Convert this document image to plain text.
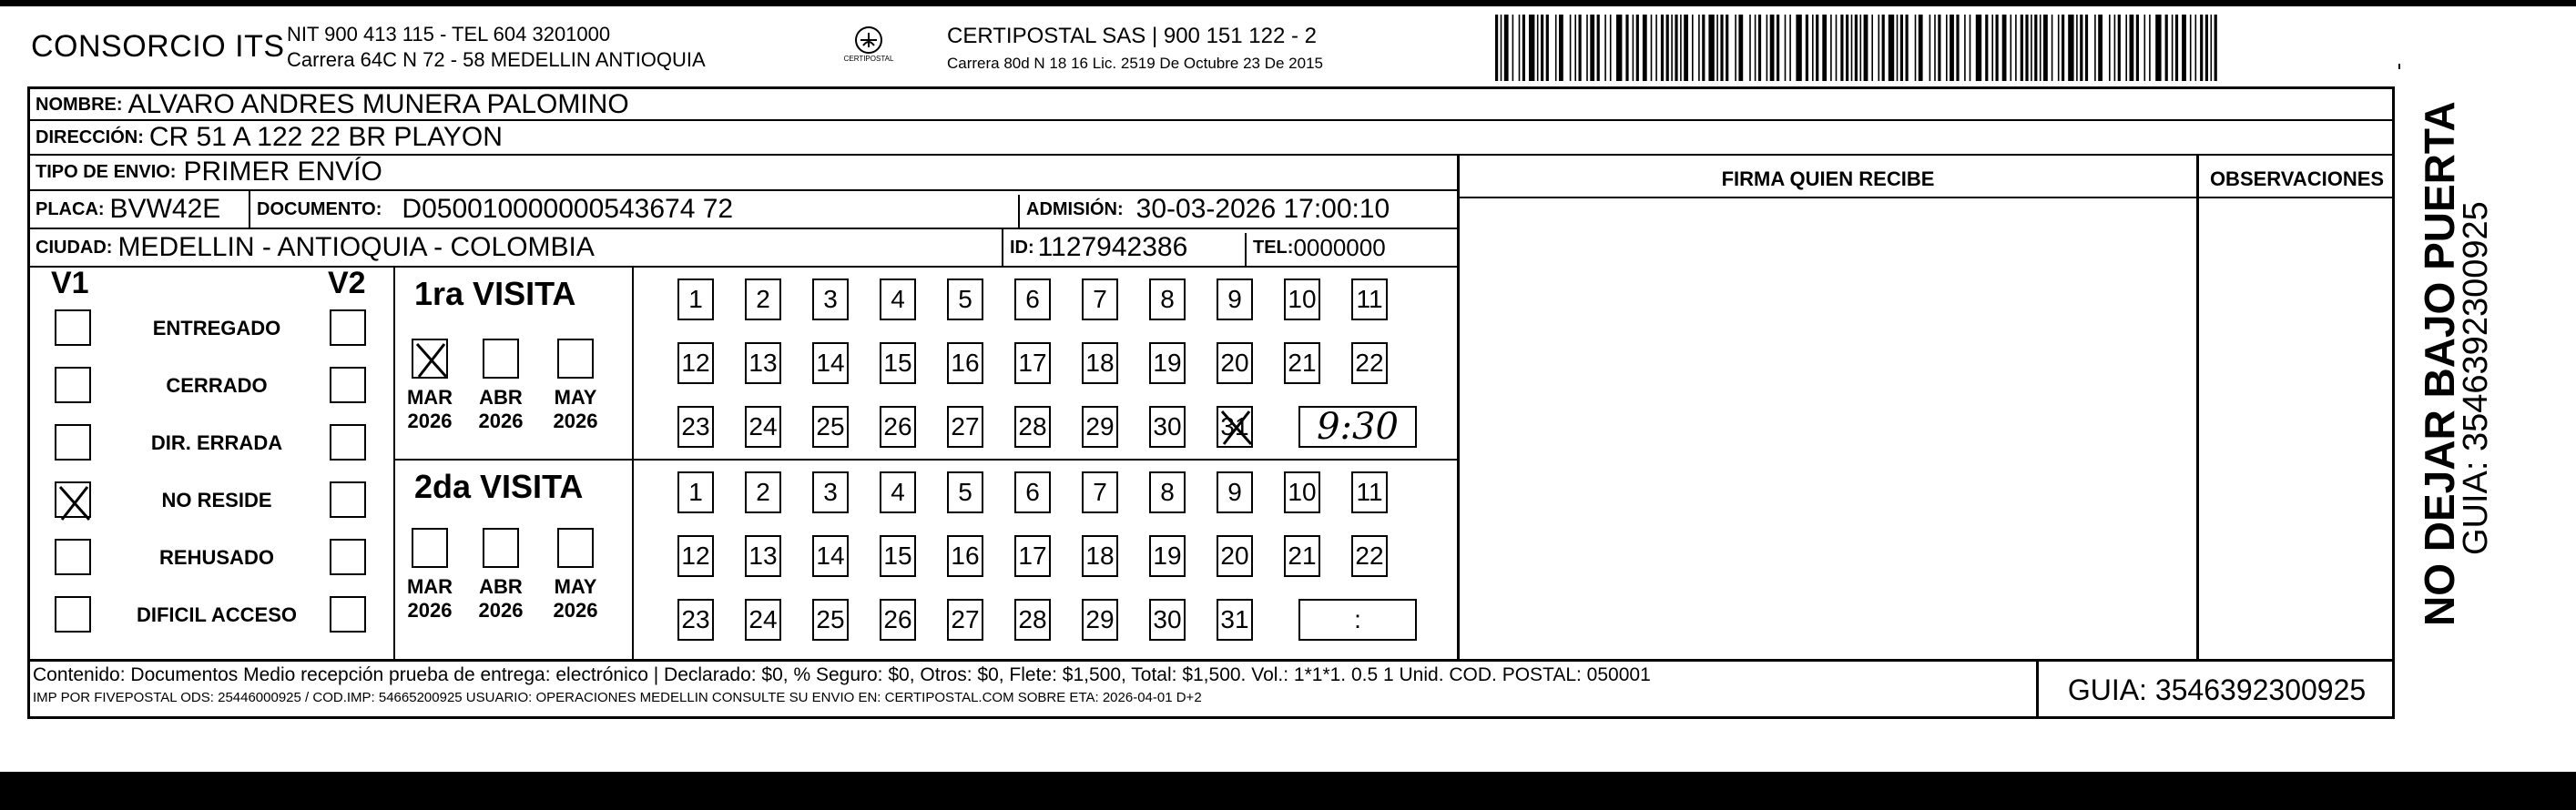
CONSORCIO ITS NIT 900 413 115 - TEL 604 3201000
Carrera 64C N 72 - 58 MEDELLIN ANTIOQUIA	CERTIPOSTAL
CERTIPOSTAL SAS | 900 151 122 - 2
Carrera 80d N 18 16 Lic. 2519 De Octubre 23 De 2015
NOMBRE: ALVARO ANDRES MUNERA PALOMINO
DIRECCIÓN: CR 51 A 122 22 BR PLAYON
TIPO DE ENVIO: PRIMER ENVÍO
PLACA: BVW42E DOCUMENTO: D050010000000543674 72	ADMISIÓN: 30-03-2026 17:00:10
CIUDAD: MEDELLIN - ANTIOQUIA - COLOMBIA	ID: 1127942386	TEL: 0000000
FIRMA QUIEN RECIBE	OBSERVACIONES
V1	V2
ENTREGADO
CERRADO
DIR. ERRADA
NO RESIDE
REHUSADO
DIFICIL ACCESO
1ra VISITA
2da VISITA
MAR
2026
ABR
2026
MAY
2026
1	2	3	4	5	6	7	8	9	10 11
12 13 14 15 16 17 18 19 20 21 22
23 24 25 26 27 28 29 30 31	9:30
MAR
2026
ABR
2026
MAY
2026
1	2	3	4	5	6	7	8	9	10 11
12 13 14 15 16 17 18 19 20 21 22
23 24 25 26 27 28 29 30 31	:
Contenido: Documentos Medio recepción prueba de entrega: electrónico | Declarado: $0, % Seguro: $0, Otros: $0, Flete: $1,500, Total: $1,500. Vol.: 1*1*1. 0.5 1 Unid. COD. POSTAL: 050001
IMP POR FIVEPOSTAL ODS: 25446000925 / COD.IMP: 54665200925 USUARIO: OPERACIONES MEDELLIN CONSULTE SU ENVIO EN: CERTIPOSTAL.COM SOBRE ETA: 2026-04-01 D+2	GUIA: 3546392300925
NO DEJAR BAJO PUERTA
GUIA: 3546392300925
